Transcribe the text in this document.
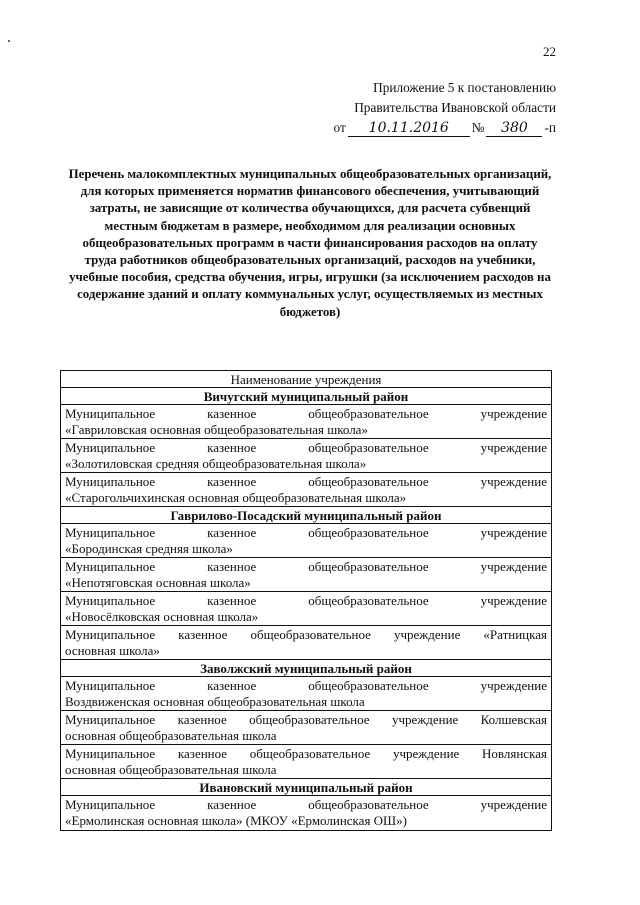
22
Приложение 5 к постановлению
Правительства Ивановской области
от	10.11.2016	№	380	-п
Перечень малокомплектных муниципальных общеобразовательных организаций, для которых применяется норматив финансового обеспечения, учитывающий затраты, не зависящие от количества обучающихся, для расчета субвенций местным бюджетам в размере, необходимом для реализации основных общеобразовательных программ в части финансирования расходов на оплату труда работников общеобразовательных организаций, расходов на учебники, учебные пособия, средства обучения, игры, игрушки (за исключением расходов на содержание зданий и оплату коммунальных услуг, осуществляемых из местных бюджетов)
Наименование учреждения
Вичугский муниципальный район
Муниципальное	казенное	общеобразовательное	учреждение
«Гавриловская основная общеобразовательная школа»
Муниципальное	казенное	общеобразовательное	учреждение
«Золотиловская средняя общеобразовательная школа»
Муниципальное	казенное	общеобразовательное	учреждение
«Старогольчихинская основная общеобразовательная школа»
Гаврилово-Посадский муниципальный район
Муниципальное	казенное	общеобразовательное	учреждение
«Бородинская средняя школа»
Муниципальное	казенное	общеобразовательное	учреждение
«Непотяговская основная школа»
Муниципальное	казенное	общеобразовательное	учреждение
«Новосёлковская основная школа»
Муниципальное казенное общеобразовательное учреждение «Ратницкая
основная школа»
Заволжский муниципальный район
Муниципальное	казенное	общеобразовательное	учреждение
Воздвиженская основная общеобразовательная школа
Муниципальное казенное общеобразовательное учреждение Колшевская
основная общеобразовательная школа
Муниципальное казенное общеобразовательное учреждение Новлянская
основная общеобразовательная школа
Ивановский муниципальный район
Муниципальное	казенное	общеобразовательное	учреждение
«Ермолинская основная школа» (МКОУ «Ермолинская ОШ»)
